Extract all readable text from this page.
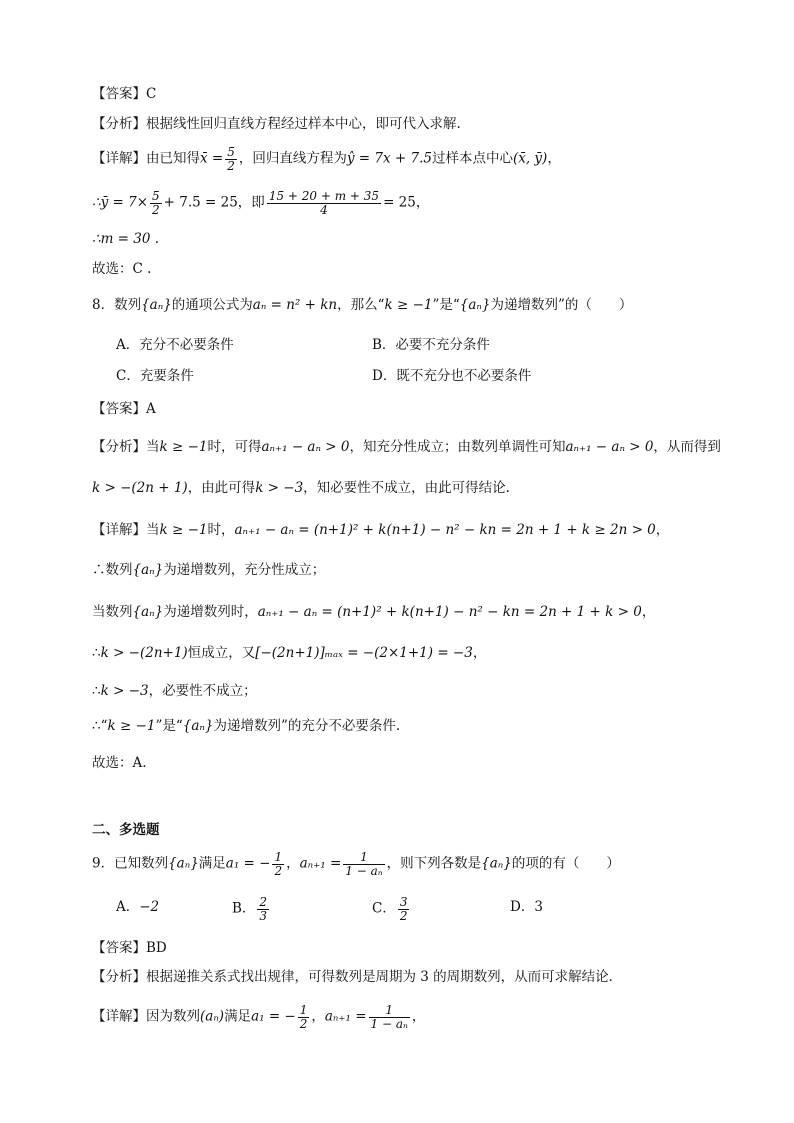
【答案】C
【分析】根据线性回归直线方程经过样本中心，即可代入求解.
【详解】由已知得x̄ = $\frac{5}{2}$ ，回归直线方程为ŷ = 7x + 7.5过样本点中心(x̄, ȳ)，
∴ȳ = $7\times \frac{5}{2} + 7.5 = 25$，即 $\frac{15 + 20 + m + 35}{4} = 25$，
∴m = 30 .
故选：C .
8．数列{aₙ}的通项公式为aₙ = n² + kn，那么“k ≥ −1”是“{aₙ}为递增数列”的（　　）
A．充分不必要条件	B．必要不充分条件
C．充要条件	D．既不充分也不必要条件
【答案】A
【分析】当k ≥ −1时，可得aₙ₊₁ − aₙ > 0，知充分性成立；由数列单调性可知aₙ₊₁ − aₙ > 0，从而得到
k > −(2n + 1)，由此可得k > −3，知必要性不成立，由此可得结论.
【详解】当k ≥ −1时，aₙ₊₁ − aₙ = (n+1)² + k(n+1) − n² − kn = 2n + 1 + k ≥ 2n > 0，
∴数列{aₙ}为递增数列，充分性成立；
当数列{aₙ}为递增数列时，aₙ₊₁ − aₙ = (n+1)² + k(n+1) − n² − kn = 2n + 1 + k > 0，
∴k > −(2n+1)恒成立，又[−(2n+1)]ₘₐₓ = −(2×1+1) = −3，
∴k > −3，必要性不成立；
∴“k ≥ −1”是“{aₙ}为递增数列”的充分不必要条件.
故选：A.
二、多选题
9．已知数列{aₙ}满足a₁ = − $\frac{1}{2}$ ，$a_{n+1} = \frac{1}{\text{1 − aₙ}}$ ，则下列各数是{aₙ}的项的有（　　）
A．−2	B． $\frac{2}{3}$	C． $\frac{3}{2}$	D．3
【答案】BD
【分析】根据递推关系式找出规律，可得数列是周期为 3 的周期数列，从而可求解结论．
【详解】因为数列(aₙ)满足a₁ = − $\frac{1}{2}$ ，$a_{n+1} = \frac{1}{\text{1 − aₙ}}$ ，
